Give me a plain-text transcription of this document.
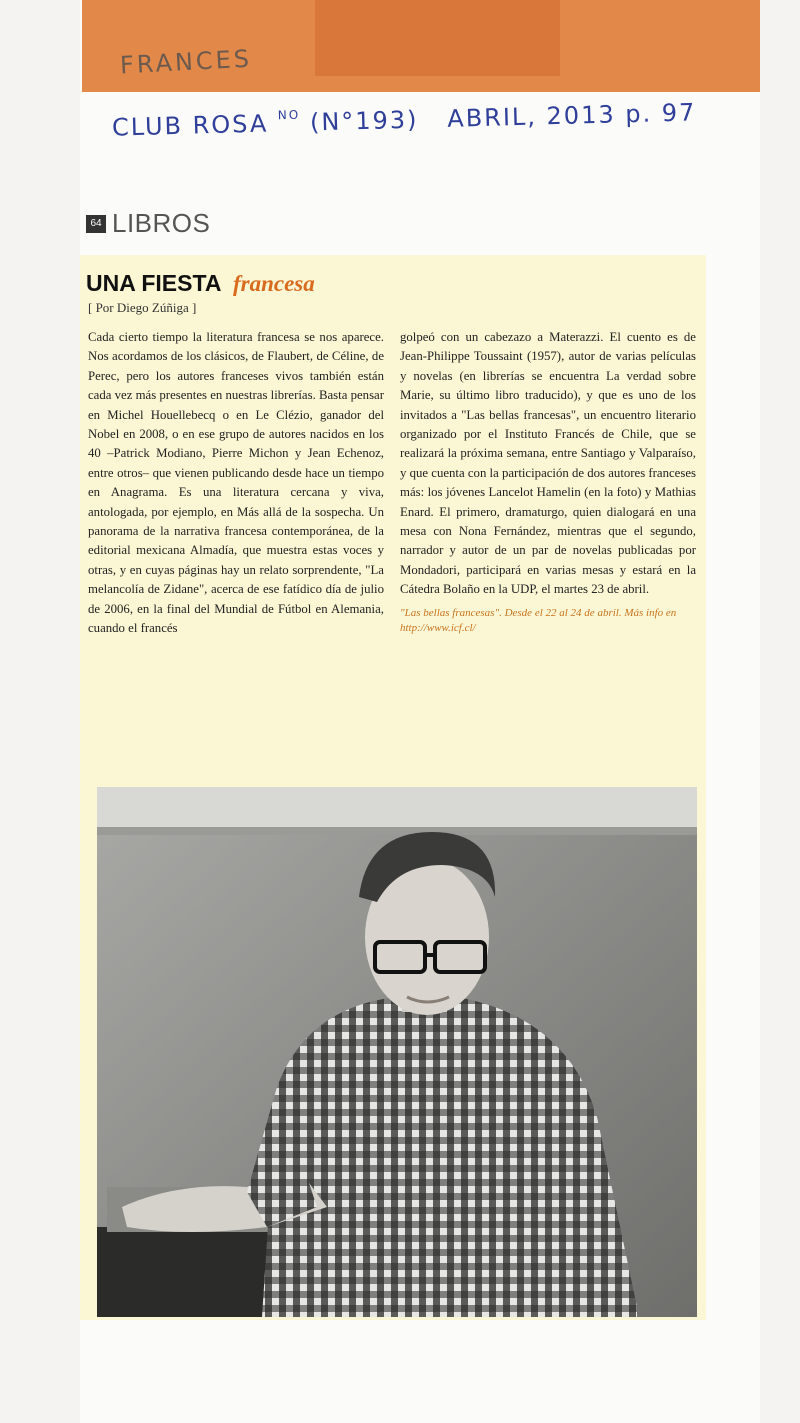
FRANCES
CLUB ROSA $^{NO}$ (N°193) ABRIL, 2013 p. 97
64 LIBROS
UNA FIESTA francesa
[ Por Diego Zúñiga ]

Cada cierto tiempo la literatura francesa se nos aparece. Nos acordamos de los clásicos, de Flaubert, de Céline, de Perec, pero los autores franceses vivos también están cada vez más presentes en nuestras librerías. Basta pensar en Michel Houellebecq o en Le Clézio, ganador del Nobel en 2008, o en ese grupo de autores nacidos en los 40 –Patrick Modiano, Pierre Michon y Jean Echenoz, entre otros– que vienen publicando desde hace un tiempo en Anagrama. Es una literatura cercana y viva, antologada, por ejemplo, en Más allá de la sospecha. Un panorama de la narrativa francesa contemporánea, de la editorial mexicana Almadía, que muestra estas voces y otras, y en cuyas páginas hay un relato sorprendente, "La melancolía de Zidane", acerca de ese fatídico día de julio de 2006, en la final del Mundial de Fútbol en Alemania, cuando el francés

golpeó con un cabezazo a Materazzi. El cuento es de Jean-Philippe Toussaint (1957), autor de varias películas y novelas (en librerías se encuentra La verdad sobre Marie, su último libro traducido), y que es uno de los invitados a "Las bellas francesas", un encuentro literario organizado por el Instituto Francés de Chile, que se realizará la próxima semana, entre Santiago y Valparaíso, y que cuenta con la participación de dos autores franceses más: los jóvenes Lancelot Hamelin (en la foto) y Mathias Enard. El primero, dramaturgo, quien dialogará en una mesa con Nona Fernández, mientras que el segundo, narrador y autor de un par de novelas publicadas por Mondadori, participará en varias mesas y estará en la Cátedra Bolaño en la UDP, el martes 23 de abril.

"Las bellas francesas". Desde el 22 al 24 de abril. Más info en http://www.icf.cl/
